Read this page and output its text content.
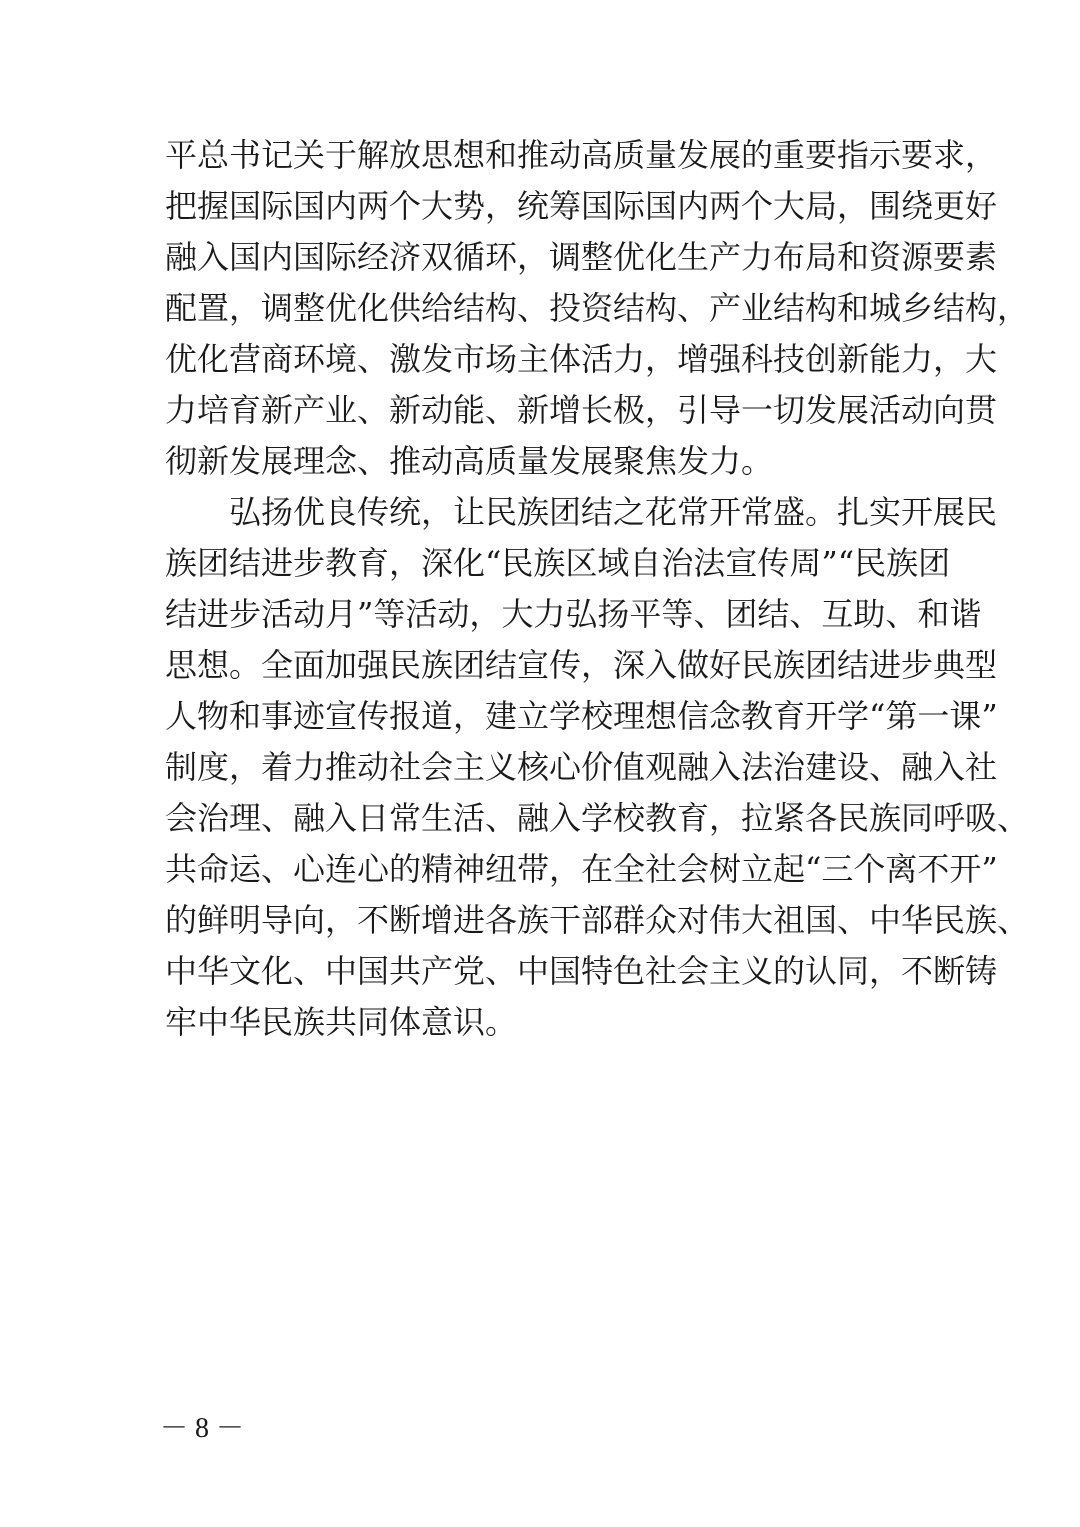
平总书记关于解放思想和推动高质量发展的重要指示要求，
把握国际国内两个大势，统筹国际国内两个大局，围绕更好
融入国内国际经济双循环，调整优化生产力布局和资源要素
配置，调整优化供给结构、投资结构、产业结构和城乡结构，
优化营商环境、激发市场主体活力，增强科技创新能力，大
力培育新产业、新动能、新增长极，引导一切发展活动向贯
彻新发展理念、推动高质量发展聚焦发力。
弘扬优良传统，让民族团结之花常开常盛。扎实开展民
族团结进步教育，深化“民族区域自治法宣传周”“民族团
结进步活动月”等活动，大力弘扬平等、团结、互助、和谐
思想。全面加强民族团结宣传，深入做好民族团结进步典型
人物和事迹宣传报道，建立学校理想信念教育开学“第一课”
制度，着力推动社会主义核心价值观融入法治建设、融入社
会治理、融入日常生活、融入学校教育，拉紧各民族同呼吸、
共命运、心连心的精神纽带，在全社会树立起“三个离不开”
的鲜明导向，不断增进各族干部群众对伟大祖国、中华民族、
中华文化、中国共产党、中国特色社会主义的认同，不断铸
牢中华民族共同体意识。
－ 8 －
